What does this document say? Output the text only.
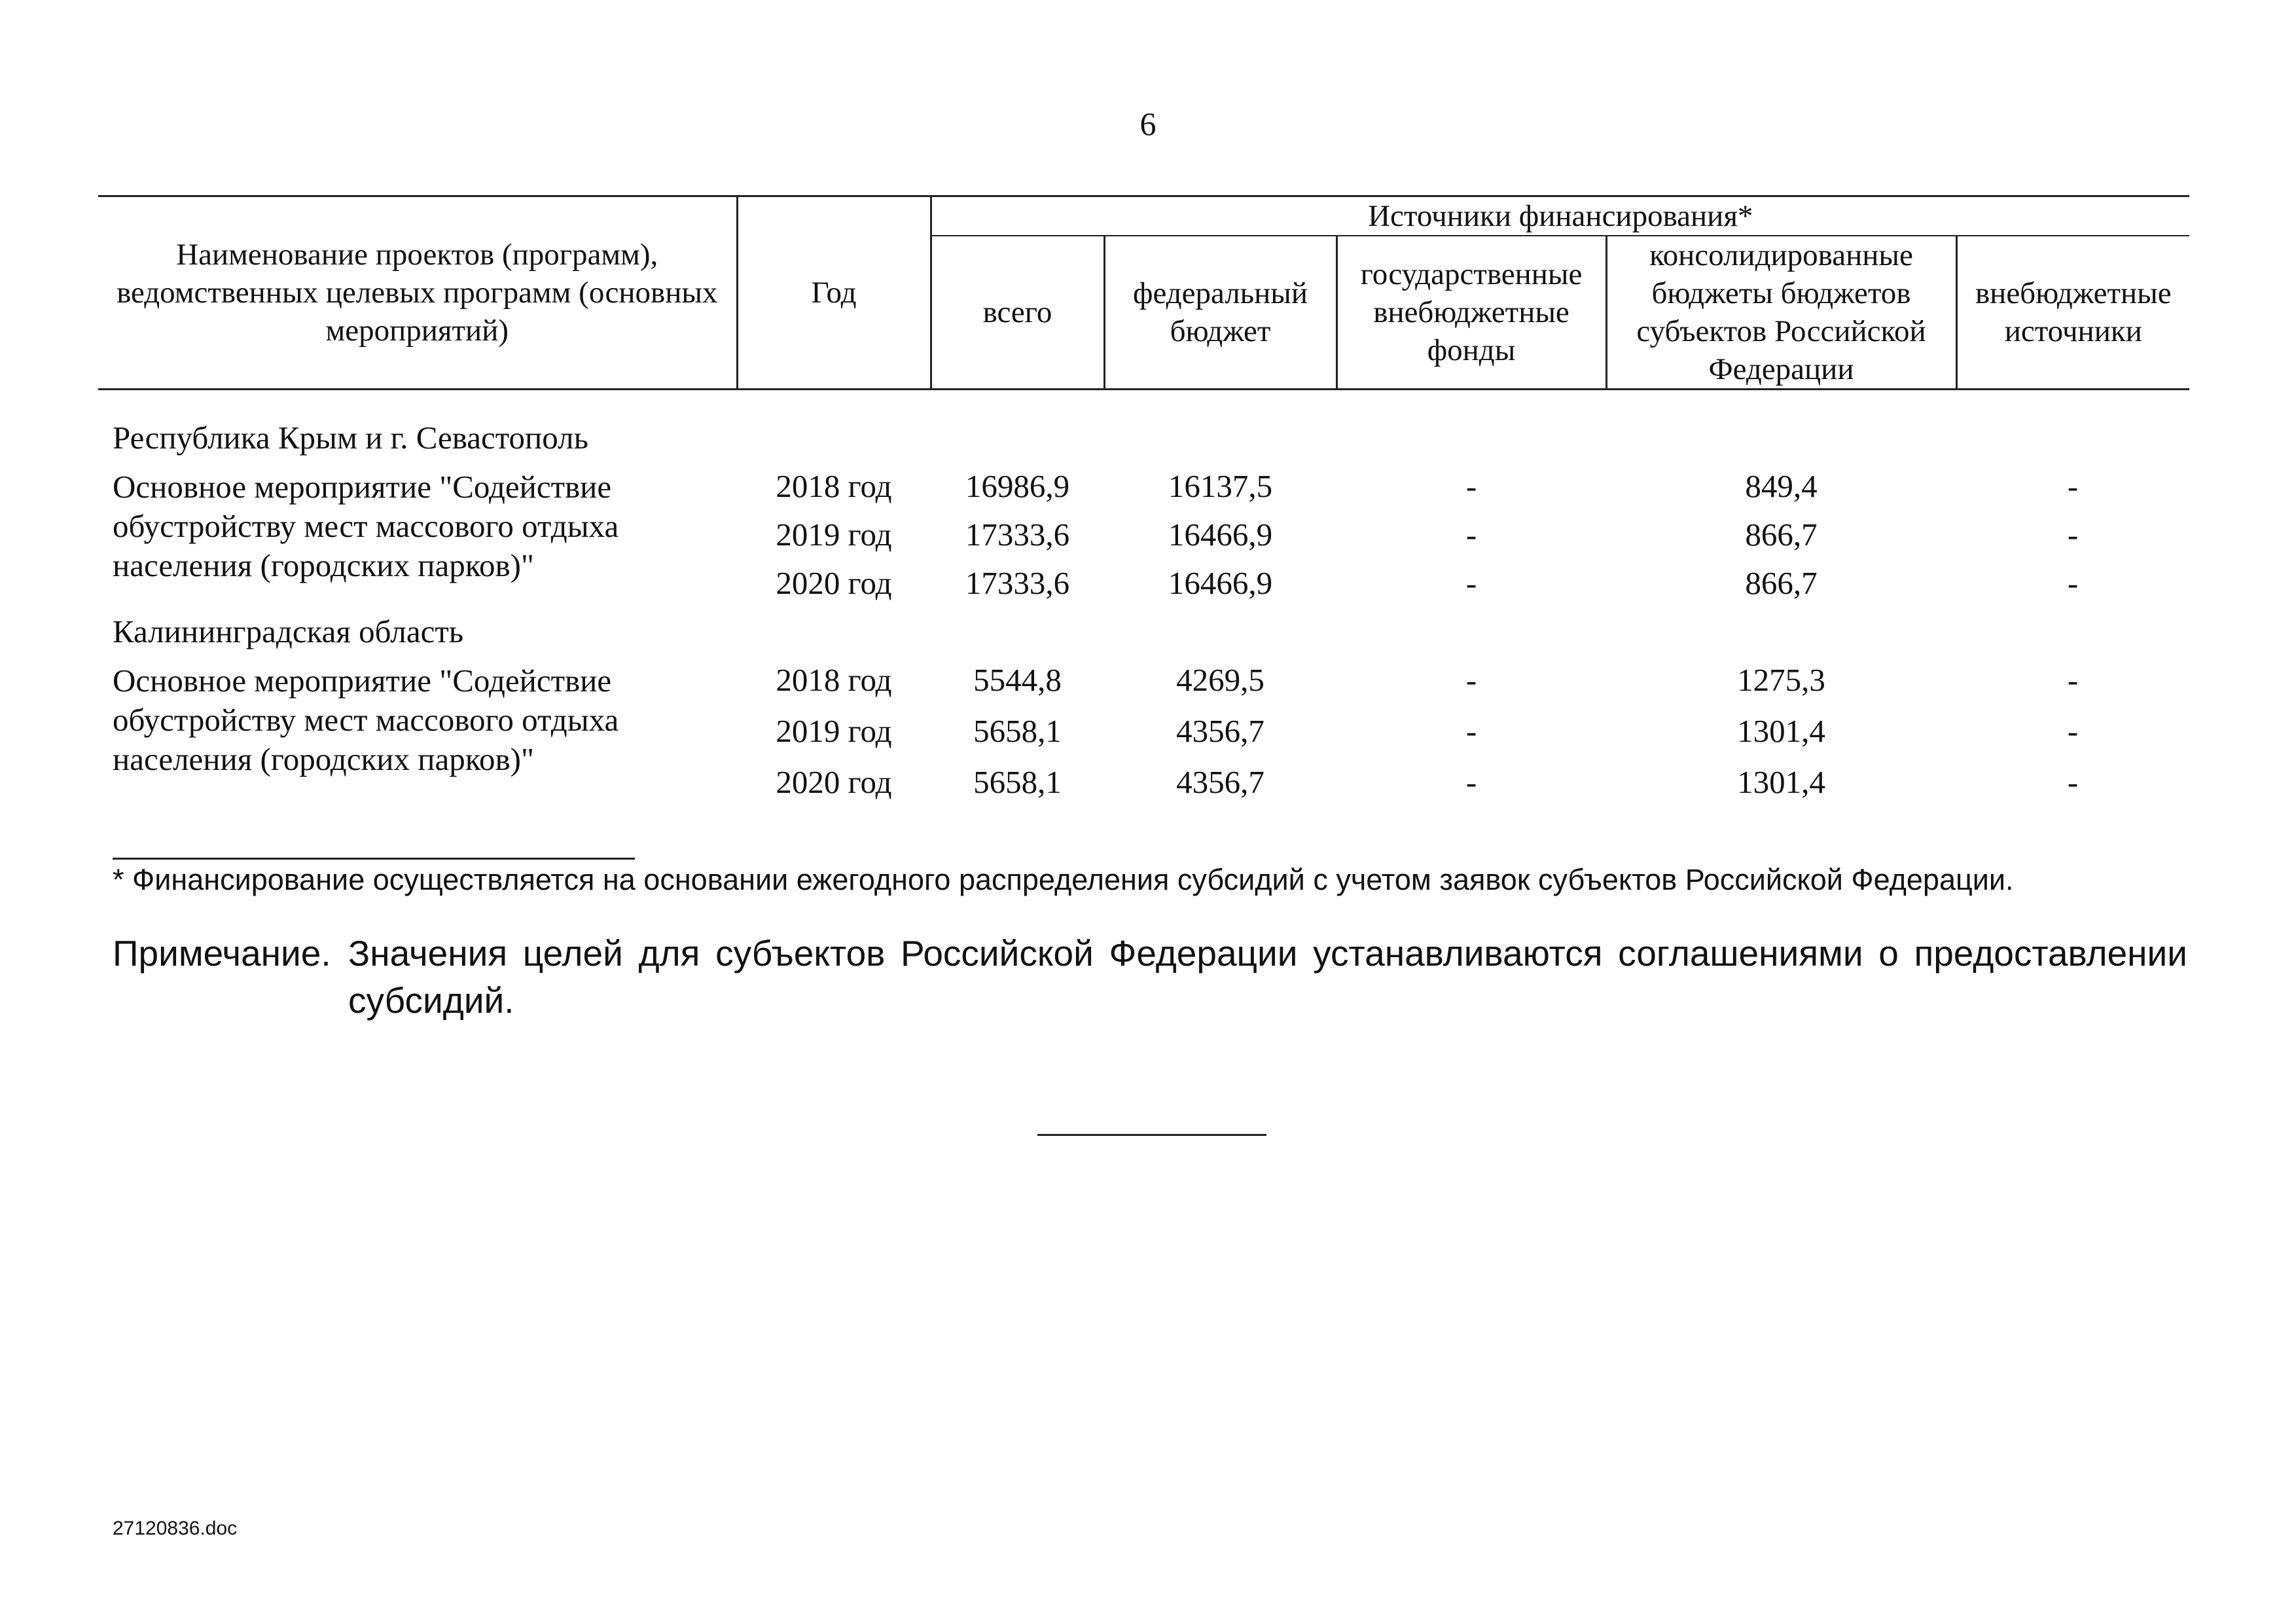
6
Наименование проектов (программ), ведомственных целевых программ (основных мероприятий)	Год	Источники финансирования*				
		всего	федеральный бюджет	государственные внебюджетные фонды	консолидированные бюджеты бюджетов субъектов Российской Федерации	внебюджетные источники

Республика Крым и г. Севастополь						
Основное мероприятие "Содействие обустройству мест массового отдыха населения (городских парков)"	2018 год	16986,9	16137,5	-	849,4	-
	2019 год	17333,6	16466,9	-	866,7	-
	2020 год	17333,6	16466,9	-	866,7	-
Калининградская область						
Основное мероприятие "Содействие обустройству мест массового отдыха населения (городских парков)"	2018 год	5544,8	4269,5	-	1275,3	-
	2019 год	5658,1	4356,7	-	1301,4	-
	2020 год	5658,1	4356,7	-	1301,4	-
* Финансирование осуществляется на основании ежегодного распределения субсидий с учетом заявок субъектов Российской Федерации.
Примечание. Значения целей для субъектов Российской Федерации устанавливаются соглашениями о предоставлении субсидий.
27120836.doc
